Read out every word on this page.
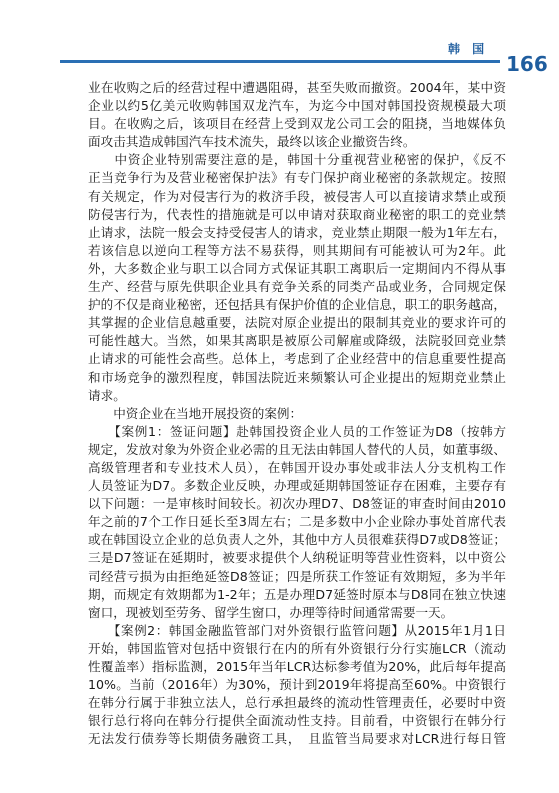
韩 国
166
业在收购之后的经营过程中遭遇阻碍，甚至失败而撤资。2004年，某中资
企业以约5亿美元收购韩国双龙汽车，为迄今中国对韩国投资规模最大项
目。在收购之后，该项目在经营上受到双龙公司工会的阻挠，当地媒体负
面攻击其造成韩国汽车技术流失，最终以该企业撤资告终。
　　中资企业特别需要注意的是，韩国十分重视营业秘密的保护，《反不
正当竞争行为及营业秘密保护法》有专门保护商业秘密的条款规定。按照
有关规定，作为对侵害行为的救济手段，被侵害人可以直接请求禁止或预
防侵害行为，代表性的措施就是可以申请对获取商业秘密的职工的竞业禁
止请求，法院一般会支持受侵害人的请求，竞业禁止期限一般为1年左右，
若该信息以逆向工程等方法不易获得，则其期间有可能被认可为2年。此
外，大多数企业与职工以合同方式保证其职工离职后一定期间内不得从事
生产、经营与原先供职企业具有竞争关系的同类产品或业务，合同规定保
护的不仅是商业秘密，还包括具有保护价值的企业信息，职工的职务越高，
其掌握的企业信息越重要，法院对原企业提出的限制其竞业的要求许可的
可能性越大。当然，如果其离职是被原公司解雇或降级，法院驳回竞业禁
止请求的可能性会高些。总体上，考虑到了企业经营中的信息重要性提高
和市场竞争的激烈程度，韩国法院近来频繁认可企业提出的短期竞业禁止
请求。
　　中资企业在当地开展投资的案例：
　　【案例1：签证问题】赴韩国投资企业人员的工作签证为D8（按韩方
规定，发放对象为外资企业必需的且无法由韩国人替代的人员，如董事级、
高级管理者和专业技术人员），在韩国开设办事处或非法人分支机构工作
人员签证为D7。多数企业反映，办理或延期韩国签证存在困难，主要存有
以下问题：一是审核时间较长。初次办理D7、D8签证的审查时间由2010
年之前的7个工作日延长至3周左右；二是多数中小企业除办事处首席代表
或在韩国设立企业的总负责人之外，其他中方人员很难获得D7或D8签证；
三是D7签证在延期时，被要求提供个人纳税证明等营业性资料，以中资公
司经营亏损为由拒绝延签D8签证；四是所获工作签证有效期短，多为半年
期，而规定有效期都为1-2年；五是办理D7延签时原本与D8同在独立快速
窗口，现被划至劳务、留学生窗口，办理等待时间通常需要一天。
　　【案例2：韩国金融监管部门对外资银行监管问题】从2015年1月1日
开始，韩国监管对包括中资银行在内的所有外资银行分行实施LCR（流动
性覆盖率）指标监测，2015年当年LCR达标参考值为20%，此后每年提高
10%。当前（2016年）为30%，预计到2019年将提高至60%。中资银行
在韩分行属于非独立法人，总行承担最终的流动性管理责任，必要时中资
银行总行将向在韩分行提供全面流动性支持。目前看，中资银行在韩分行
无法发行债券等长期债务融资工具，　且监管当局要求对LCR进行每日管
